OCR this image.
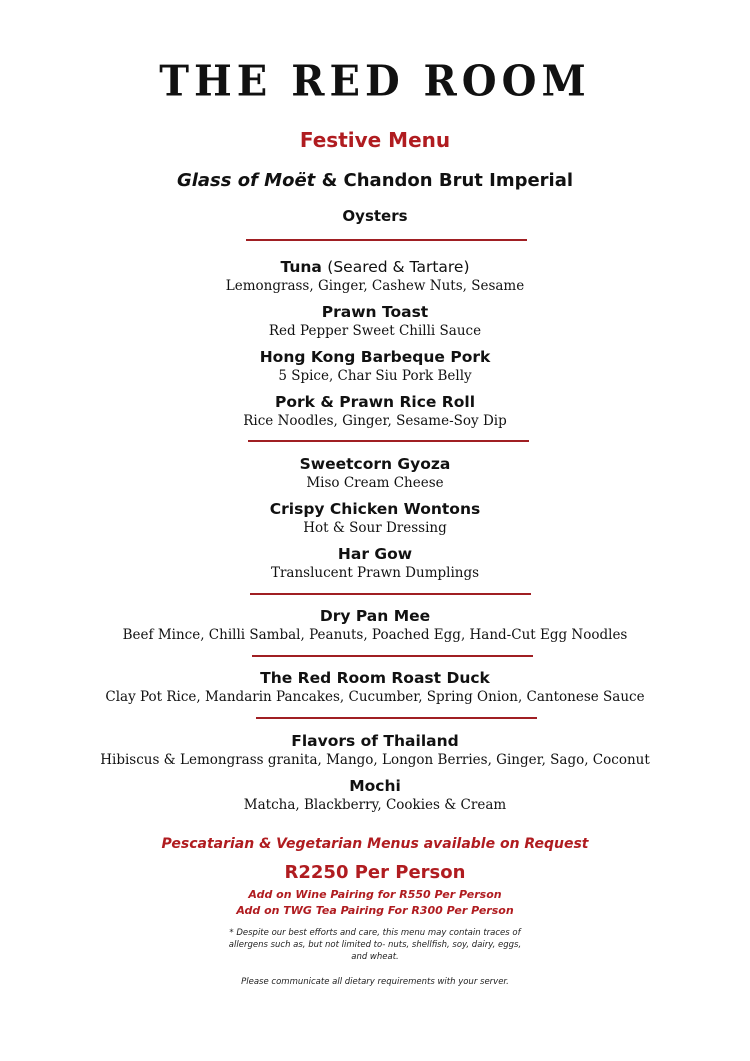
THE RED ROOM
Festive Menu
Glass of Moët & Chandon Brut Imperial
Oysters
Tuna (Seared & Tartare)
Lemongrass, Ginger, Cashew Nuts, Sesame
Prawn Toast
Red Pepper Sweet Chilli Sauce
Hong Kong Barbeque Pork
5 Spice, Char Siu Pork Belly
Pork & Prawn Rice Roll
Rice Noodles, Ginger, Sesame-Soy Dip
Sweetcorn Gyoza
Miso Cream Cheese
Crispy Chicken Wontons
Hot & Sour Dressing
Har Gow
Translucent Prawn Dumplings
Dry Pan Mee
Beef Mince, Chilli Sambal, Peanuts, Poached Egg, Hand-Cut Egg Noodles
The Red Room Roast Duck
Clay Pot Rice, Mandarin Pancakes, Cucumber, Spring Onion, Cantonese Sauce
Flavors of Thailand
Hibiscus & Lemongrass granita, Mango, Longon Berries, Ginger, Sago, Coconut
Mochi
Matcha, Blackberry, Cookies & Cream
Pescatarian & Vegetarian Menus available on Request
R2250 Per Person
Add on Wine Pairing for R550 Per Person
Add on TWG Tea Pairing For R300 Per Person
* Despite our best efforts and care, this menu may contain traces of allergens such as, but not limited to- nuts, shellfish, soy, dairy, eggs, and wheat.
Please communicate all dietary requirements with your server.
